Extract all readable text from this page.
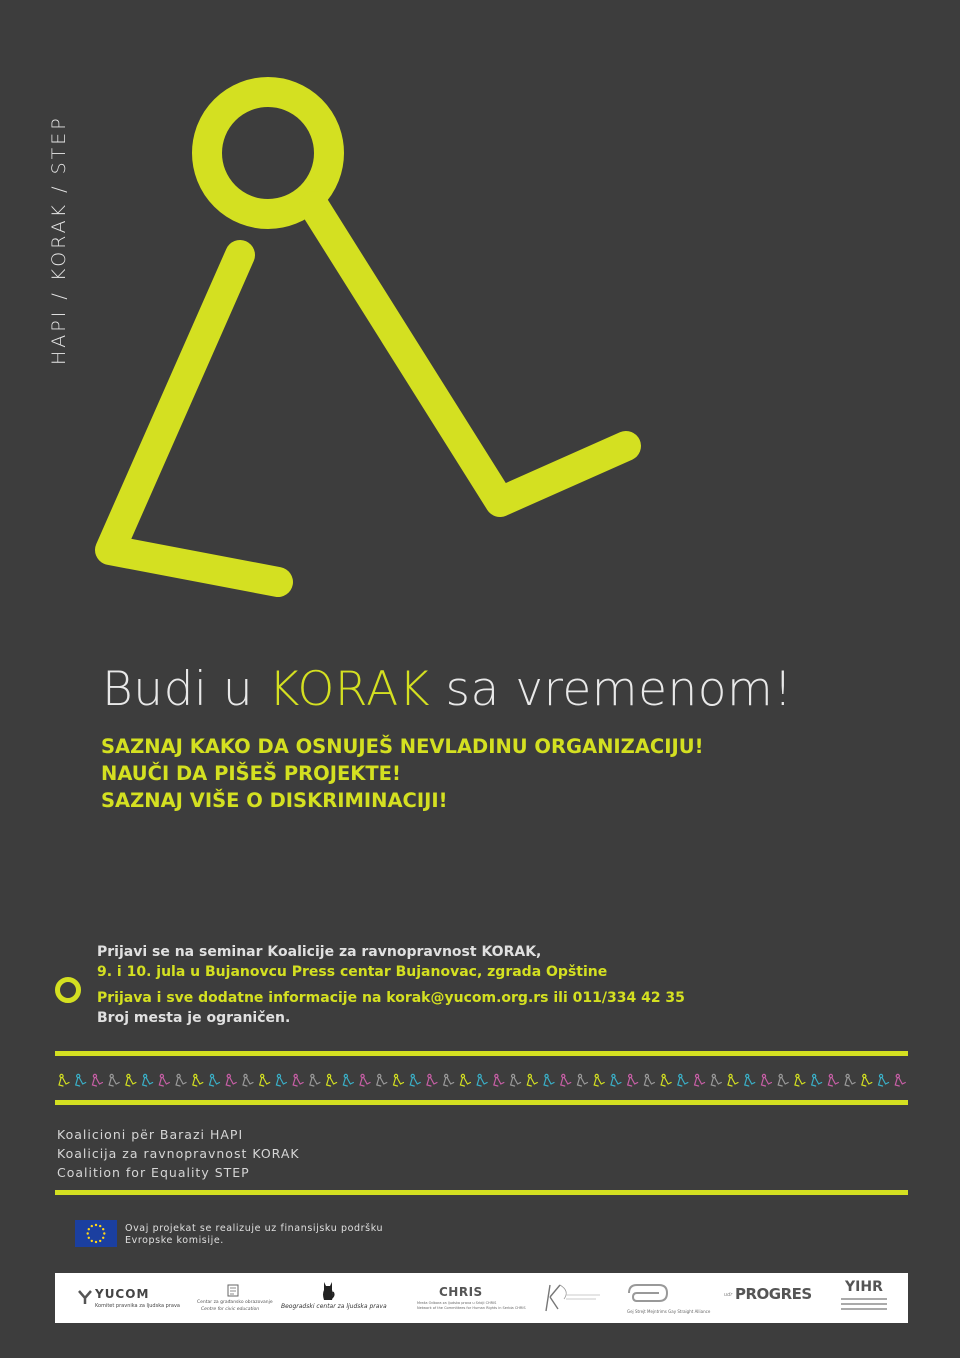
HAPI / KORAK / STEP
Budi u KORAK sa vremenom!
SAZNAJ KAKO DA OSNUJEŠ NEVLADINU ORGANIZACIJU!
NAUČI DA PIŠEŠ PROJEKTE!
SAZNAJ VIŠE O DISKRIMINACIJI!
Prijavi se na seminar Koalicije za ravnopravnost KORAK,
9. i 10. jula u Bujanovcu Press centar Bujanovac, zgrada Opštine
Prijava i sve dodatne informacije na korak@yucom.org.rs ili 011/334 42 35
Broj mesta je ograničen.
Koalicioni për Barazi HAPI
Koalicija za ravnopravnost KORAK
Coalition for Equality STEP
Ovaj projekat se realizuje uz finansijsku podršku
Evropske komisije.
YUCOM
Komitet pravnika za ljudska prava
Centar za građansko obrazovanje
Centre for civic education	Beogradski centar za ljudska prava
CHRIS
Mreža Odbora za ljudska prava u Srbiji CHRIS
Network of the Committees for Human Rights in Serbia CHRIS
Gej Strejt Mejntrims Gay Straight Alliance
udr PROGRES YIHR
